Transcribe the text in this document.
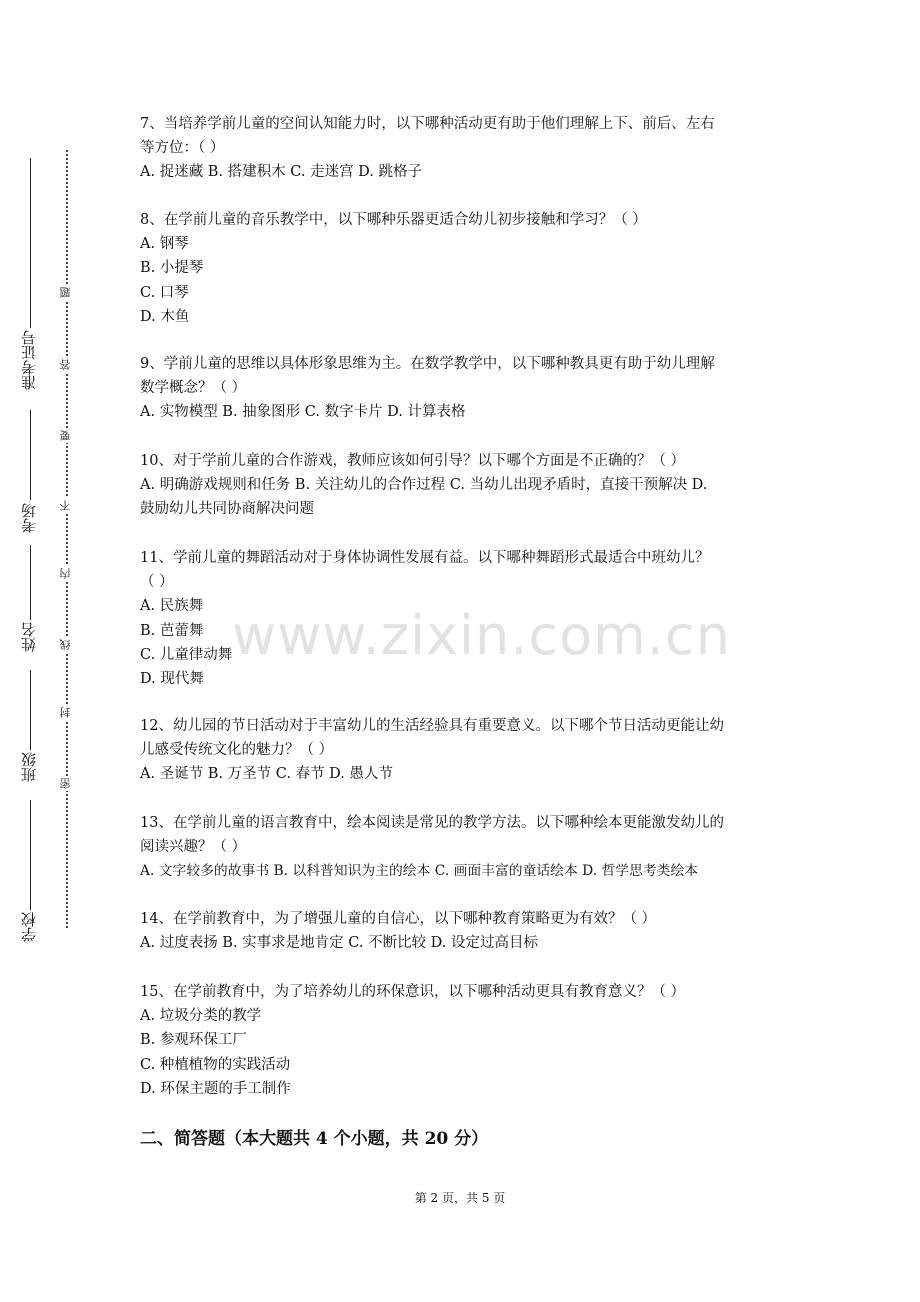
准考证号
考场
姓名
班级
学校
题
答
要
不
内
线
封
密
7、当培养学前儿童的空间认知能力时，以下哪种活动更有助于他们理解上下、前后、左右
等方位：（ ）
A. 捉迷藏 B. 搭建积木 C. 走迷宫 D. 跳格子
8、在学前儿童的音乐教学中，以下哪种乐器更适合幼儿初步接触和学习？（ ）
A. 钢琴
B. 小提琴
C. 口琴
D. 木鱼
9、学前儿童的思维以具体形象思维为主。在数学教学中，以下哪种教具更有助于幼儿理解
数学概念？（ ）
A. 实物模型 B. 抽象图形 C. 数字卡片 D. 计算表格
10、对于学前儿童的合作游戏，教师应该如何引导？以下哪个方面是不正确的？（ ）
A. 明确游戏规则和任务 B. 关注幼儿的合作过程 C. 当幼儿出现矛盾时，直接干预解决 D.
鼓励幼儿共同协商解决问题
11、学前儿童的舞蹈活动对于身体协调性发展有益。以下哪种舞蹈形式最适合中班幼儿？
（ ）
A. 民族舞
B. 芭蕾舞
C. 儿童律动舞
D. 现代舞
12、幼儿园的节日活动对于丰富幼儿的生活经验具有重要意义。以下哪个节日活动更能让幼
儿感受传统文化的魅力？（ ）
A. 圣诞节 B. 万圣节 C. 春节 D. 愚人节
13、在学前儿童的语言教育中，绘本阅读是常见的教学方法。以下哪种绘本更能激发幼儿的
阅读兴趣？（ ）
A. 文字较多的故事书 B. 以科普知识为主的绘本 C. 画面丰富的童话绘本 D. 哲学思考类绘本
14、在学前教育中，为了增强儿童的自信心，以下哪种教育策略更为有效？（ ）
A. 过度表扬 B. 实事求是地肯定 C. 不断比较 D. 设定过高目标
15、在学前教育中，为了培养幼儿的环保意识，以下哪种活动更具有教育意义？（ ）
A. 垃圾分类的教学
B. 参观环保工厂
C. 种植植物的实践活动
D. 环保主题的手工制作
二、简答题（本大题共 4 个小题，共 20 分）
www.zixin.com.cn
第 2 页，共 5 页
